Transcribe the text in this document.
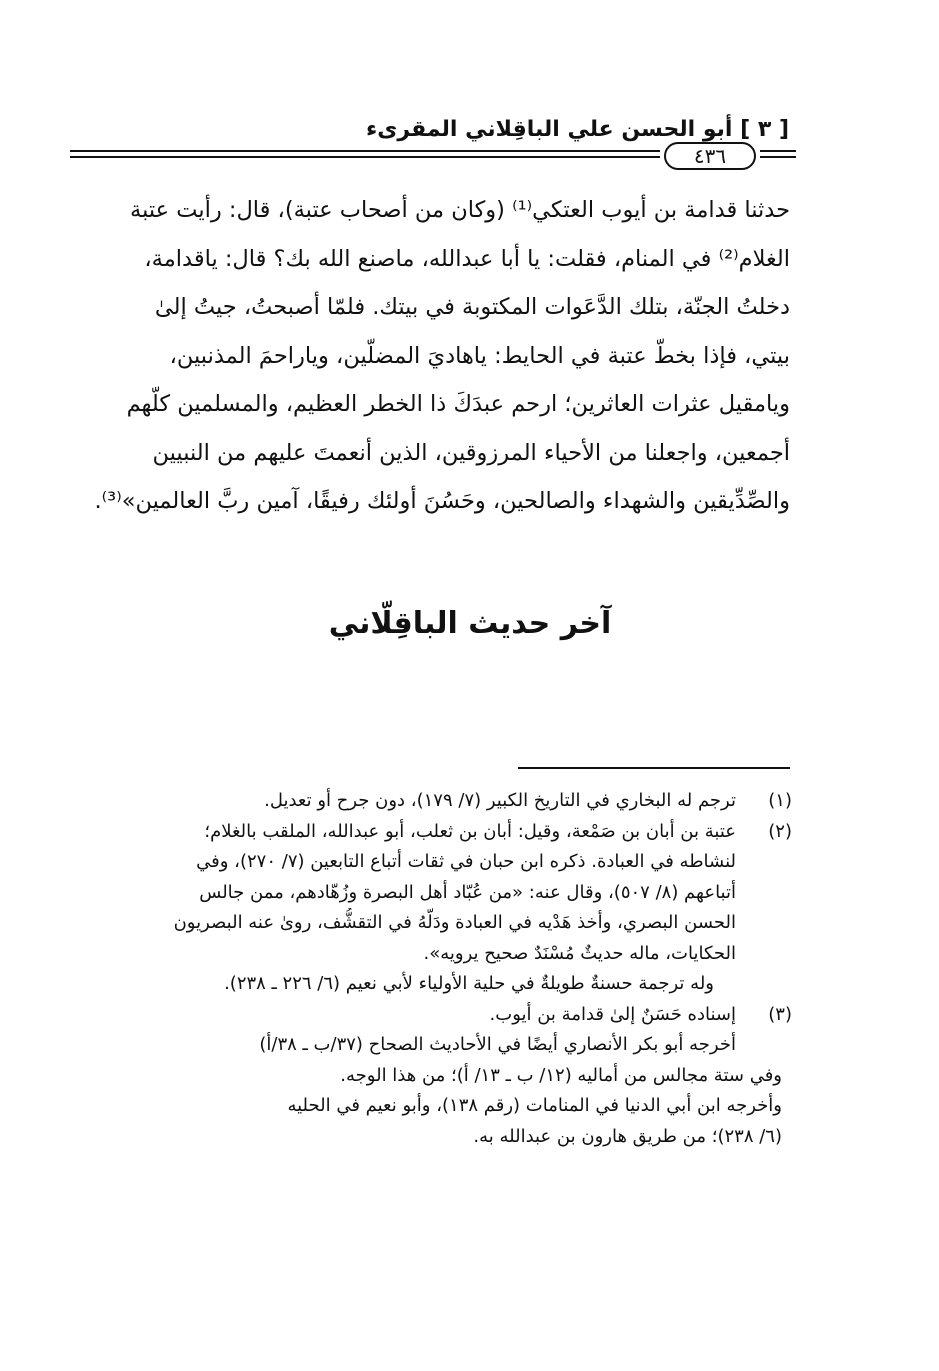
[ ٣ ] أبو الحسن علي الباقِلاني المقرىء
٤٣٦

حدثنا قدامة بن أيوب العتكي⁽¹⁾ (وكان من أصحاب عتبة)، قال: رأيت عتبة

الغلام⁽²⁾ في المنام، فقلت: يا أبا عبدالله، ماصنع الله بك؟ قال: ياقدامة،

دخلتُ الجنّة، بتلك الدَّعَوات المكتوبة في بيتك. فلمّا أصبحتُ، جيتُ إلىٰ

بيتي، فإذا بخطّ عتبة في الحايط: ياهاديَ المضلّين، وياراحمَ المذنبين،

ويامقيل عثرات العاثرين؛ ارحم عبدَكَ ذا الخطر العظيم، والمسلمين كلّهم

أجمعين، واجعلنا من الأحياء المرزوقين، الذين أنعمتَ عليهم من النبيين

والصِّدِّيقين والشهداء والصالحين، وحَسُنَ أولئك رفيقًا، آمين ربَّ العالمين»⁽³⁾.

آخر حديث الباقِلّاني
(١)
ترجم له البخاري في التاريخ الكبير (٧/ ١٧٩)، دون جرح أو تعديل.
(٢)
عتبة بن أبان بن صَمْعة، وقيل: أبان بن ثعلب، أبو عبدالله، الملقب بالغلام؛
لنشاطه في العبادة. ذكره ابن حبان في ثقات أتباع التابعين (٧/ ٢٧٠)، وفي
أتباعهم (٨/ ٥٠٧)، وقال عنه: «من عُبّاد أهل البصرة وزُهّادهم، ممن جالس
الحسن البصري، وأخذ هَدْيه في العبادة ودَلَّهُ في التقشُّف، روىٰ عنه البصريون
الحكايات، ماله حديثٌ مُسْنَدٌ صحيح يرويه».
وله ترجمة حسنةٌ طويلةٌ في حلية الأولياء لأبي نعيم (٦/ ٢٢٦ ـ ٢٣٨).
(٣)
إسناده حَسَنٌ إلىٰ قدامة بن أيوب.
أخرجه أبو بكر الأنصاري أيضًا في الأحاديث الصحاح (٣٧/ب ـ ٣٨/أ)
وفي ستة مجالس من أماليه (١٢/ ب ـ ١٣/ أ)؛ من هذا الوجه.
وأخرجه ابن أبي الدنيا في المنامات (رقم ١٣٨)، وأبو نعيم في الحليه
(٦/ ٢٣٨)؛ من طريق هارون بن عبدالله به.
